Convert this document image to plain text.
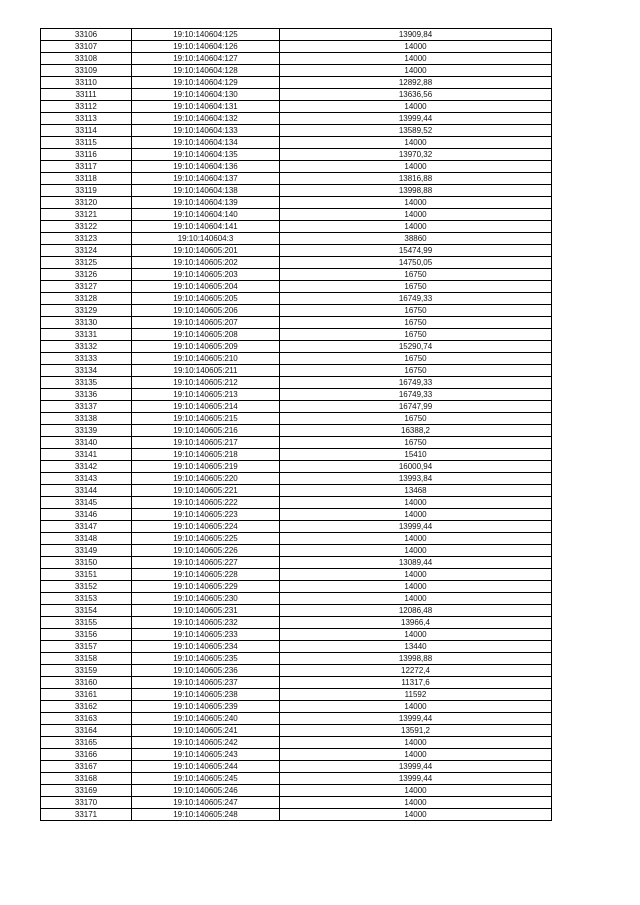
33106	19:10:140604:125	13909,84
33107	19:10:140604:126	14000
33108	19:10:140604:127	14000
33109	19:10:140604:128	14000
33110	19:10:140604:129	12892,88
33111	19:10:140604:130	13636,56
33112	19:10:140604:131	14000
33113	19:10:140604:132	13999,44
33114	19:10:140604:133	13589,52
33115	19:10:140604:134	14000
33116	19:10:140604:135	13970,32
33117	19:10:140604:136	14000
33118	19:10:140604:137	13816,88
33119	19:10:140604:138	13998,88
33120	19:10:140604:139	14000
33121	19:10:140604:140	14000
33122	19:10:140604:141	14000
33123	19:10:140604:3	38860
33124	19:10:140605:201	15474,99
33125	19:10:140605:202	14750,05
33126	19:10:140605:203	16750
33127	19:10:140605:204	16750
33128	19:10:140605:205	16749,33
33129	19:10:140605:206	16750
33130	19:10:140605:207	16750
33131	19:10:140605:208	16750
33132	19:10:140605:209	15290,74
33133	19:10:140605:210	16750
33134	19:10:140605:211	16750
33135	19:10:140605:212	16749,33
33136	19:10:140605:213	16749,33
33137	19:10:140605:214	16747,99
33138	19:10:140605:215	16750
33139	19:10:140605:216	16388,2
33140	19:10:140605:217	16750
33141	19:10:140605:218	15410
33142	19:10:140605:219	16000,94
33143	19:10:140605:220	13993,84
33144	19:10:140605:221	13468
33145	19:10:140605:222	14000
33146	19:10:140605:223	14000
33147	19:10:140605:224	13999,44
33148	19:10:140605:225	14000
33149	19:10:140605:226	14000
33150	19:10:140605:227	13089,44
33151	19:10:140605:228	14000
33152	19:10:140605:229	14000
33153	19:10:140605:230	14000
33154	19:10:140605:231	12086,48
33155	19:10:140605:232	13966,4
33156	19:10:140605:233	14000
33157	19:10:140605:234	13440
33158	19:10:140605:235	13998,88
33159	19:10:140605:236	12272,4
33160	19:10:140605:237	11317,6
33161	19:10:140605:238	11592
33162	19:10:140605:239	14000
33163	19:10:140605:240	13999,44
33164	19:10:140605:241	13591,2
33165	19:10:140605:242	14000
33166	19:10:140605:243	14000
33167	19:10:140605:244	13999,44
33168	19:10:140605:245	13999,44
33169	19:10:140605:246	14000
33170	19:10:140605:247	14000
33171	19:10:140605:248	14000
